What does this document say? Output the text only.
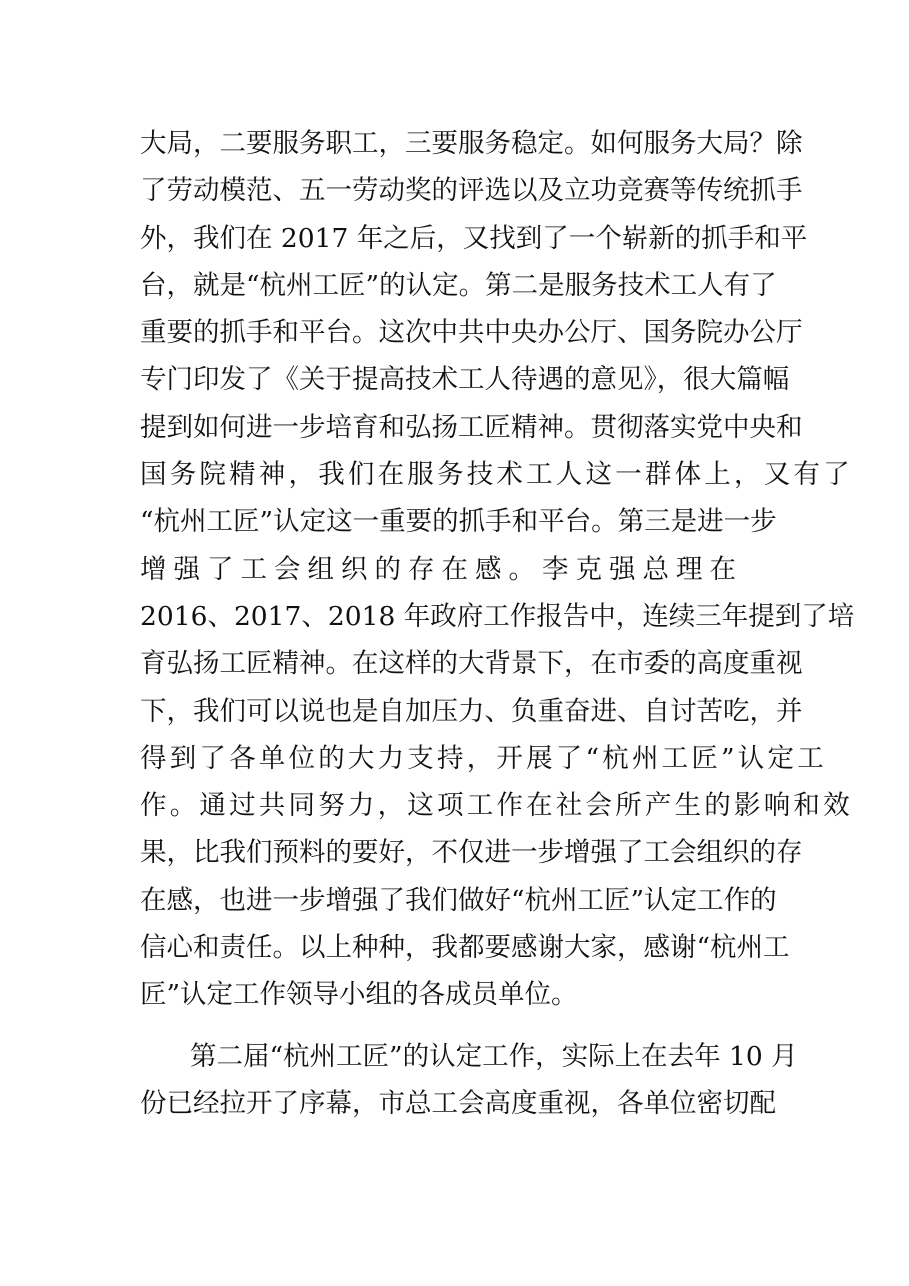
大局，二要服务职工，三要服务稳定。如何服务大局？除
了劳动模范、五一劳动奖的评选以及立功竞赛等传统抓手
外，我们在 2017 年之后，又找到了一个崭新的抓手和平
台，就是“杭州工匠”的认定。第二是服务技术工人有了
重要的抓手和平台。这次中共中央办公厅、国务院办公厅
专门印发了《关于提高技术工人待遇的意见》，很大篇幅
提到如何进一步培育和弘扬工匠精神。贯彻落实党中央和
国务院精神，我们在服务技术工人这一群体上，又有了
“杭州工匠”认定这一重要的抓手和平台。第三是进一步
增强了工会组织的存在感。李克强总理在
2016、2017、2018 年政府工作报告中，连续三年提到了培
育弘扬工匠精神。在这样的大背景下，在市委的高度重视
下，我们可以说也是自加压力、负重奋进、自讨苦吃，并
得到了各单位的大力支持，开展了“杭州工匠”认定工
作。通过共同努力，这项工作在社会所产生的影响和效
果，比我们预料的要好，不仅进一步增强了工会组织的存
在感，也进一步增强了我们做好“杭州工匠”认定工作的
信心和责任。以上种种，我都要感谢大家，感谢“杭州工
匠”认定工作领导小组的各成员单位。
第二届“杭州工匠”的认定工作，实际上在去年 10 月
份已经拉开了序幕，市总工会高度重视，各单位密切配
